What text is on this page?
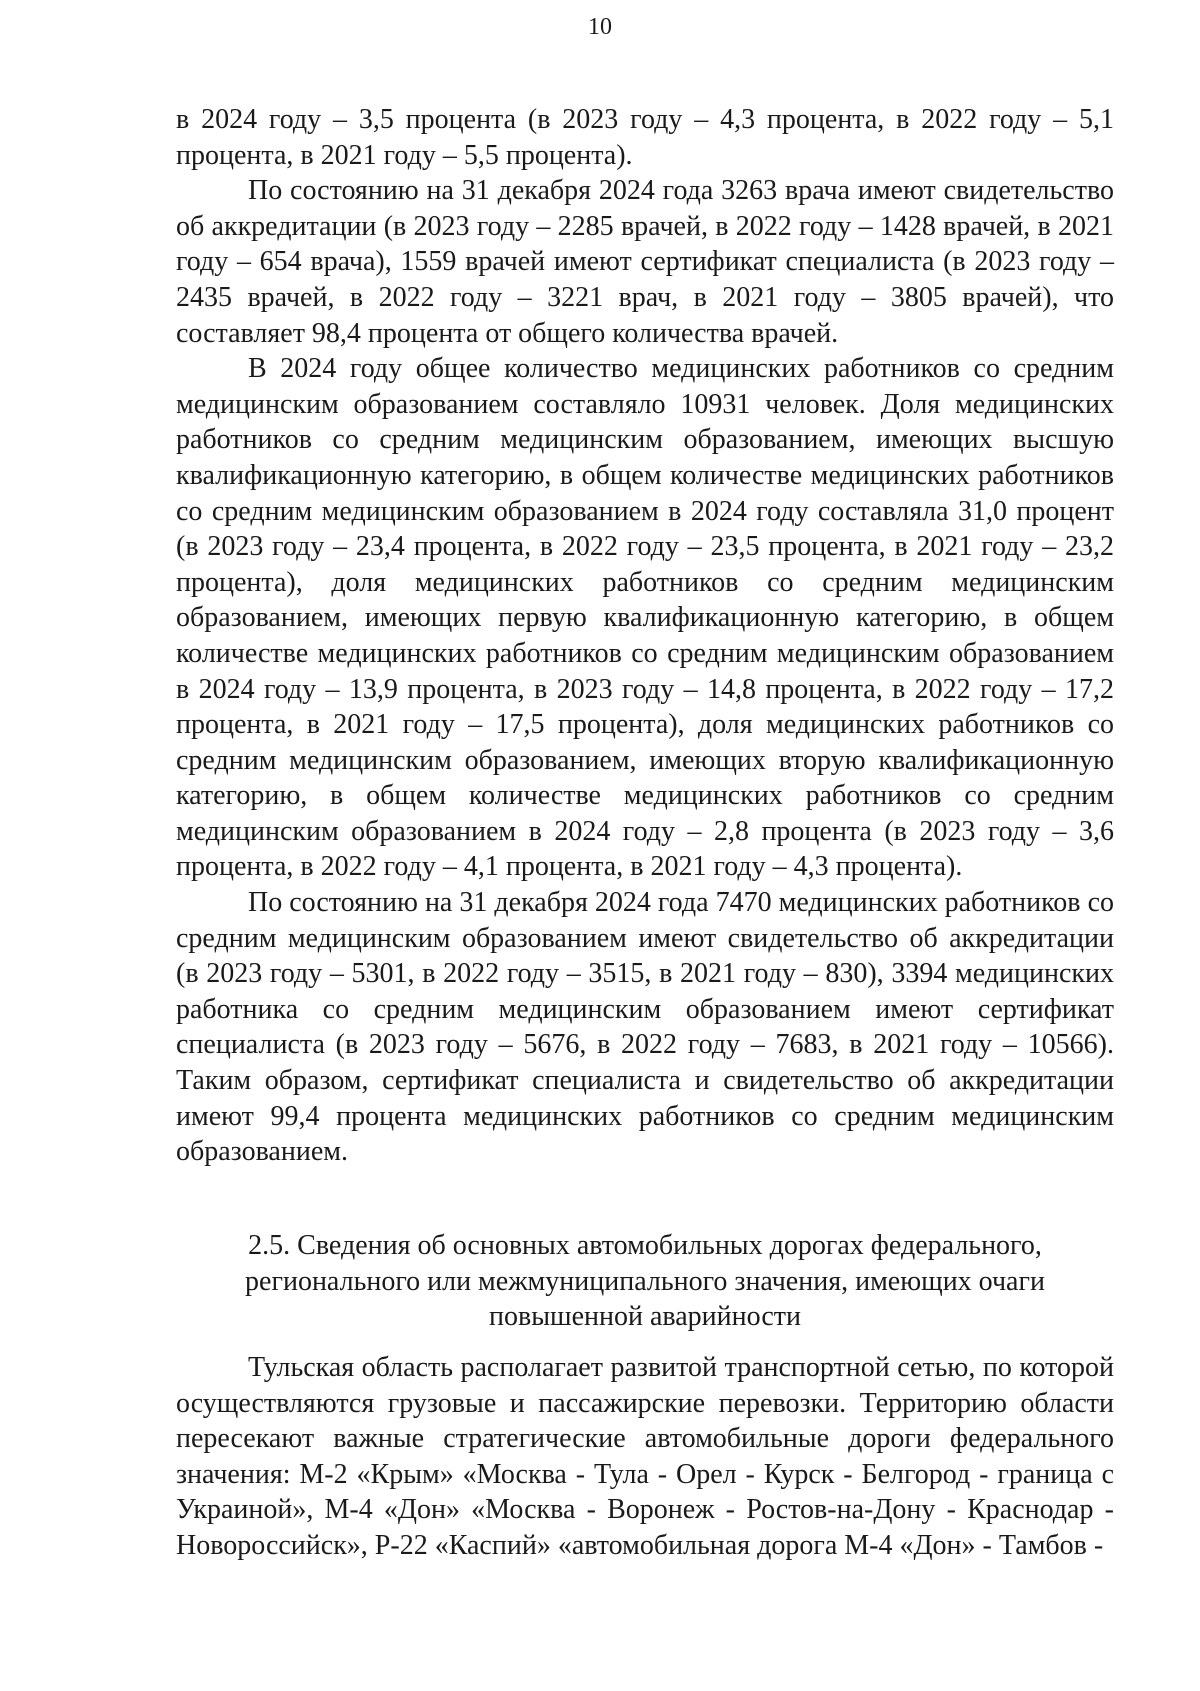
10

в 2024 году – 3,5 процента (в 2023 году – 4,3 процента, в 2022 году – 5,1 процента, в 2021 году – 5,5 процента).

По состоянию на 31 декабря 2024 года 3263 врача имеют свидетельство об аккредитации (в 2023 году – 2285 врачей, в 2022 году – 1428 врачей, в 2021 году – 654 врача), 1559 врачей имеют сертификат специалиста (в 2023 году – 2435 врачей, в 2022 году – 3221 врач, в 2021 году – 3805 врачей), что составляет 98,4 процента от общего количества врачей.

В 2024 году общее количество медицинских работников со средним медицинским образованием составляло 10931 человек. Доля медицинских работников со средним медицинским образованием, имеющих высшую квалификационную категорию, в общем количестве медицинских работников со средним медицинским образованием в 2024 году составляла 31,0 процент (в 2023 году – 23,4 процента, в 2022 году – 23,5 процента, в 2021 году – 23,2 процента), доля медицинских работников со средним медицинским образованием, имеющих первую квалификационную категорию, в общем количестве медицинских работников со средним медицинским образованием в 2024 году – 13,9 процента, в 2023 году – 14,8 процента, в 2022 году – 17,2 процента, в 2021 году – 17,5 процента), доля медицинских работников со средним медицинским образованием, имеющих вторую квалификационную категорию, в общем количестве медицинских работников со средним медицинским образованием в 2024 году – 2,8 процента (в 2023 году – 3,6 процента, в 2022 году – 4,1 процента, в 2021 году – 4,3 процента).

По состоянию на 31 декабря 2024 года 7470 медицинских работников со средним медицинским образованием имеют свидетельство об аккредитации (в 2023 году – 5301, в 2022 году – 3515, в 2021 году – 830), 3394 медицинских работника со средним медицинским образованием имеют сертификат специалиста (в 2023 году – 5676, в 2022 году – 7683, в 2021 году – 10566). Таким образом, сертификат специалиста и свидетельство об аккредитации имеют 99,4 процента медицинских работников со средним медицинским образованием.

2.5. Сведения об основных автомобильных дорогах федерального,
регионального или межмуниципального значения, имеющих очаги
повышенной аварийности

Тульская область располагает развитой транспортной сетью, по которой осуществляются грузовые и пассажирские перевозки. Территорию области пересекают важные стратегические автомобильные дороги федерального значения: М-2 «Крым» «Москва - Тула - Орел - Курск - Белгород - граница с Украиной», М-4 «Дон» «Москва - Воронеж - Ростов-на-Дону - Краснодар - Новороссийск», Р-22 «Каспий» «автомобильная дорога М-4 «Дон» - Тамбов -
